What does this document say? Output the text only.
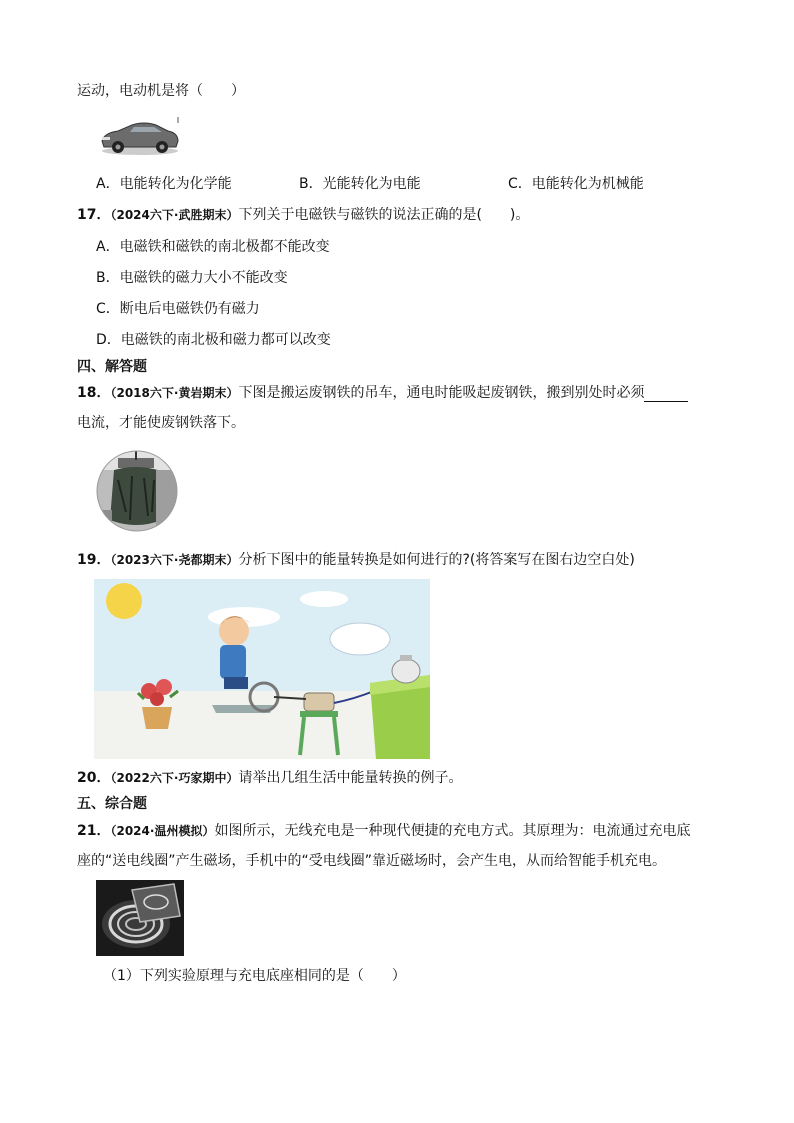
运动，电动机是将（　　）
A．电能转化为化学能	B．光能转化为电能	C．电能转化为机械能
17．（2024六下·武胜期末）下列关于电磁铁与磁铁的说法正确的是(　　)。
A．电磁铁和磁铁的南北极都不能改变
B．电磁铁的磁力大小不能改变
C．断电后电磁铁仍有磁力
D．电磁铁的南北极和磁力都可以改变
四、解答题
18．（2018六下·黄岩期末）下图是搬运废钢铁的吊车，通电时能吸起废钢铁，搬到别处时必须
电流，才能使废钢铁落下。
19．（2023六下·尧都期末）分析下图中的能量转换是如何进行的?(将答案写在图右边空白处)
20．（2022六下·巧家期中）请举出几组生活中能量转换的例子。
五、综合题
21．（2024·温州模拟）如图所示，无线充电是一种现代便捷的充电方式。其原理为：电流通过充电底
座的“送电线圈”产生磁场，手机中的“受电线圈”靠近磁场时，会产生电，从而给智能手机充电。
（1）下列实验原理与充电底座相同的是（　　）
